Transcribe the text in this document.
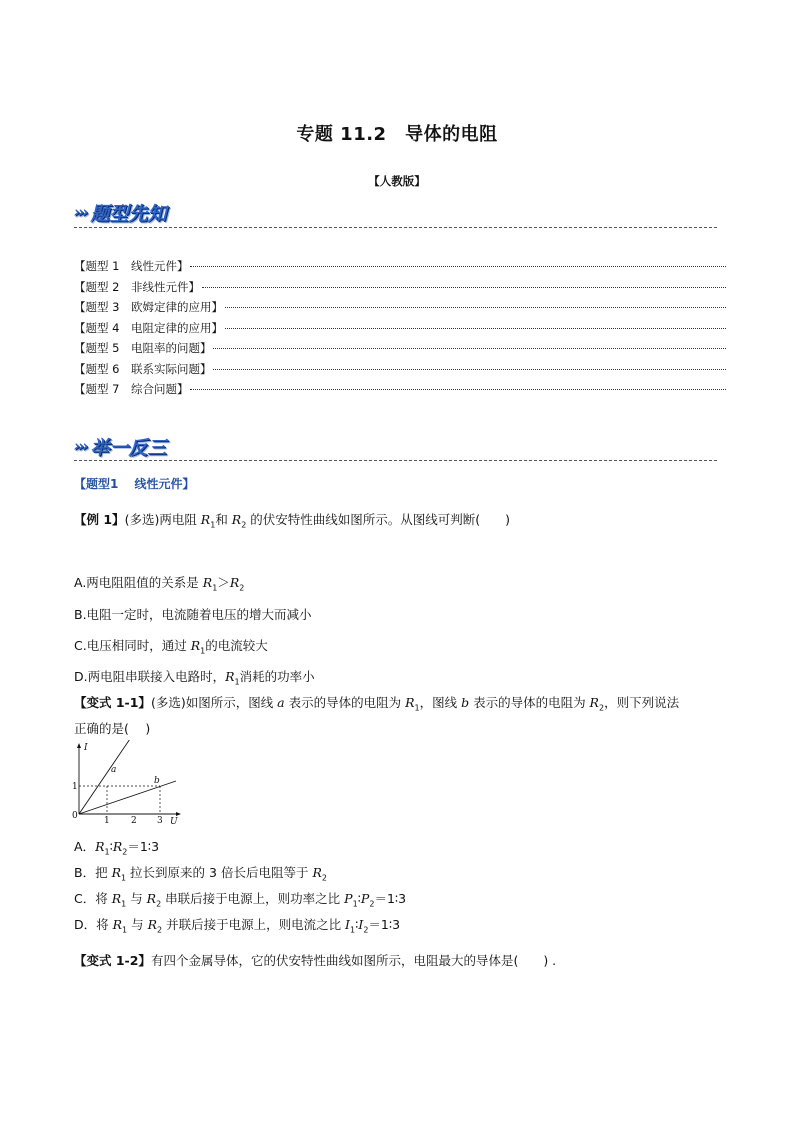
专题 11.2　导体的电阻
【人教版】
››› 题型先知
【题型 1　线性元件】
【题型 2　非线性元件】
【题型 3　欧姆定律的应用】
【题型 4　电阻定律的应用】
【题型 5　电阻率的问题】
【题型 6　联系实际问题】
【题型 7　综合问题】
››› 举一反三
【题型1　 线性元件】
【例 1】(多选)两电阻 $R_1$和 $R_2$ 的伏安特性曲线如图所示。从图线可判断(　　)
A.两电阻阻值的关系是 $R_1>R_2$
B.电阻一定时，电流随着电压的增大而减小
C.电压相同时，通过 $R_1$的电流较大
D.两电阻串联接入电路时，$R_1$消耗的功率小
【变式 1-1】(多选)如图所示，图线 a 表示的导体的电阻为 $R_1$，图线 b 表示的导体的电阻为 $R_2$，则下列说法
正确的是(　 )
I
U
0
1
1 2 3
a
b
A．$R_1∶R_2=1∶3$
B．把 $R_1$ 拉长到原来的 3 倍长后电阻等于 $R_2$
C．将 $R_1$ 与 $R_2$ 串联后接于电源上，则功率之比 $P_1∶P_2=1∶3$
D．将 $R_1$ 与 $R_2$ 并联后接于电源上，则电流之比 $I_1∶I_2=1∶3$
【变式 1-2】有四个金属导体，它的伏安特性曲线如图所示，电阻最大的导体是(　　) .
